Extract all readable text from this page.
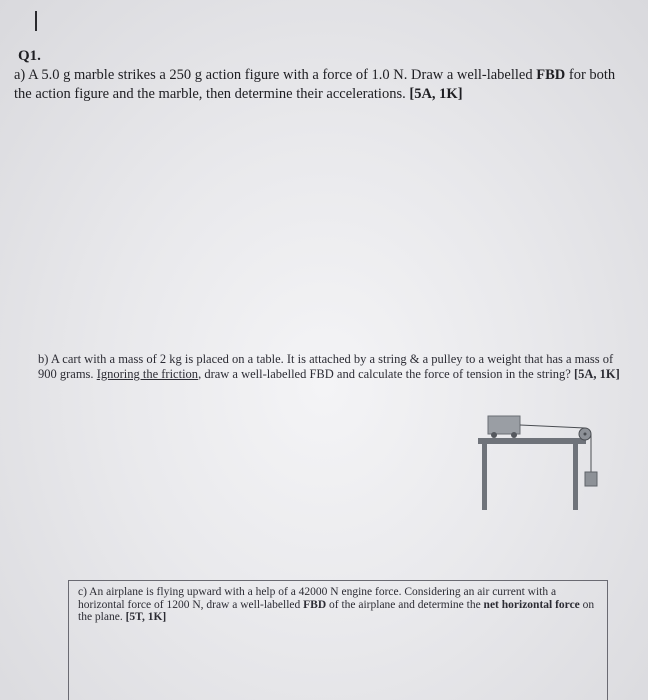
Q1.
a) A 5.0 g marble strikes a 250 g action figure with a force of 1.0 N. Draw a well-labelled FBD for both the action figure and the marble, then determine their accelerations. [5A, 1K]
b) A cart with a mass of 2 kg is placed on a table. It is attached by a string & a pulley to a weight that has a mass of 900 grams. Ignoring the friction, draw a well-labelled FBD and calculate the force of tension in the string? [5A, 1K]
c) An airplane is flying upward with a help of a 42000 N engine force. Considering an air current with a horizontal force of 1200 N, draw a well-labelled FBD of the airplane and determine the net horizontal force on the plane. [5T, 1K]
